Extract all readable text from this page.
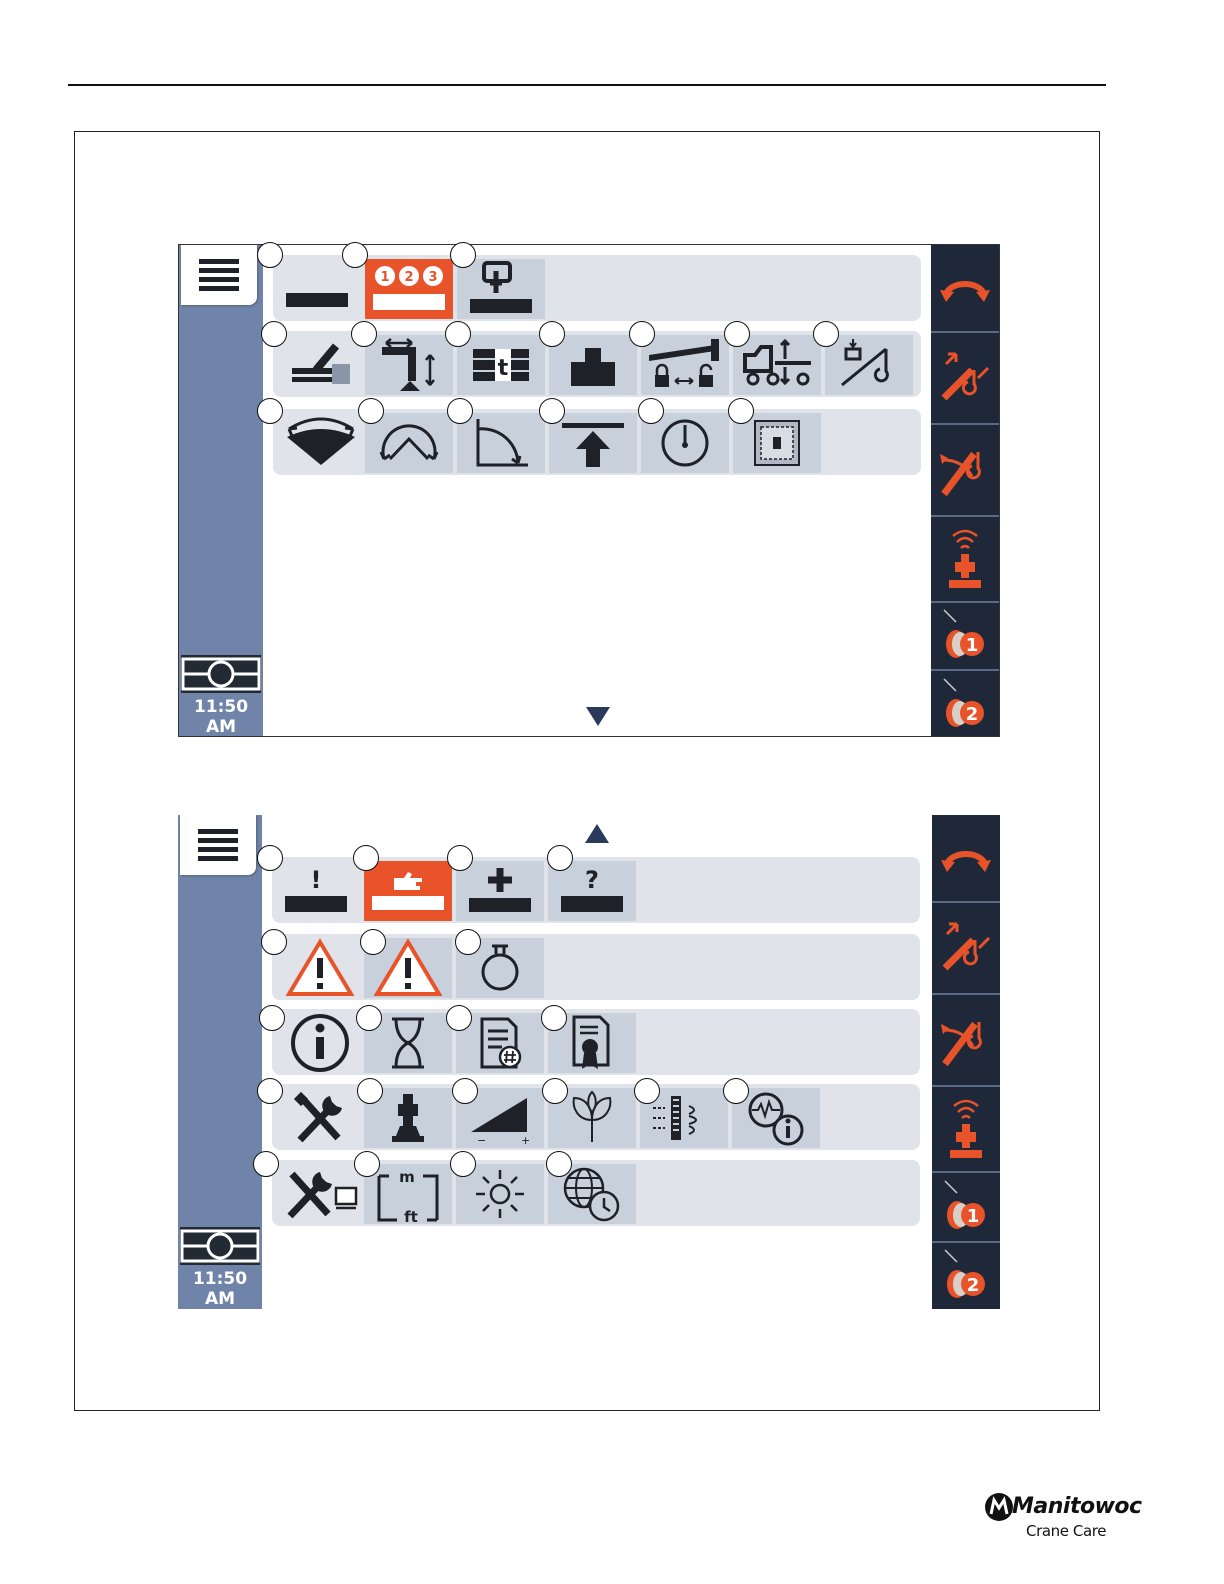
11:50
AM
1 2 3
t
1
2
11:50
AM
!	?
−	+
m
ft	1
2
Manitowoc
Crane Care
